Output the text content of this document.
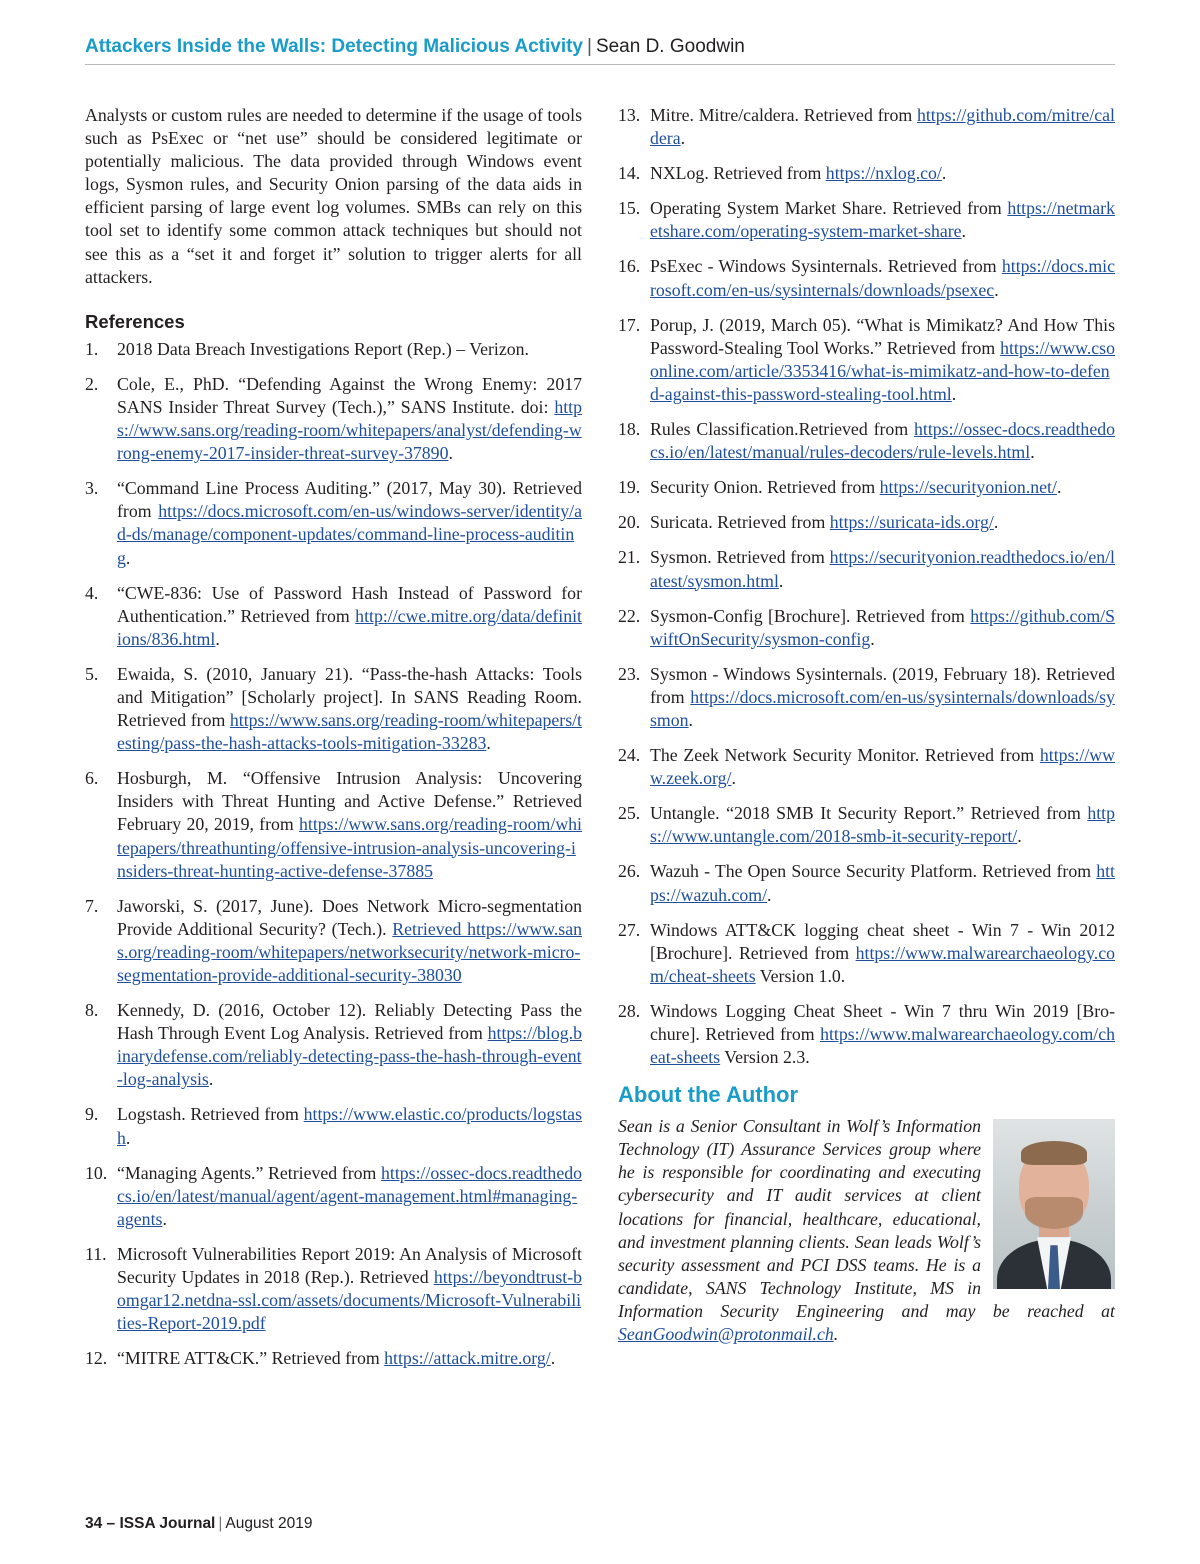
Attackers Inside the Walls: Detecting Malicious Activity | Sean D. Goodwin

Analysts or custom rules are needed to determine if the usage of tools such as PsExec or “net use” should be considered legitimate or potentially malicious. The data provided through Windows event logs, Sysmon rules, and Security Onion parsing of the data aids in efficient parsing of large event log volumes. SMBs can rely on this tool set to identify some common attack techniques but should not see this as a “set it and forget it” solution to trigger alerts for all attackers.

References
1. 2018 Data Breach Investigations Report (Rep.) – Verizon.
2. Cole, E., PhD. “Defending Against the Wrong Enemy: 2017 SANS Insider Threat Survey (Tech.),” SANS Institute. doi: https://www.sans.org/reading-room/whitepapers/analyst/defending-wrong-enemy-2017-insider-threat-survey-37890.
3. “Command Line Process Auditing.” (2017, May 30). Retrieved from https://docs.microsoft.com/en-us/windows-server/identity/ad-ds/manage/component-updates/command-line-process-auditing.
4. “CWE-836: Use of Password Hash Instead of Password for Authentication.” Retrieved from http://cwe.mitre.org/data/definitions/836.html.
5. Ewaida, S. (2010, January 21). “Pass-the-hash Attacks: Tools and Mitigation” [Scholarly project]. In SANS Reading Room. Retrieved from https://www.sans.org/reading-room/whitepapers/testing/pass-the-hash-attacks-tools-mitigation-33283.
6. Hosburgh, M. “Offensive Intrusion Analysis: Uncovering Insiders with Threat Hunting and Active Defense.” Retrieved February 20, 2019, from https://www.sans.org/reading-room/whitepapers/threathunting/offensive-intrusion-analysis-uncovering-insiders-threat-hunting-active-defense-37885
7. Jaworski, S. (2017, June). Does Network Micro-segmentation Provide Additional Security? (Tech.). Retrieved https://www.sans.org/reading-room/whitepapers/networksecurity/network-micro-segmentation-provide-additional-security-38030
8. Kennedy, D. (2016, October 12). Reliably Detecting Pass the Hash Through Event Log Analysis. Retrieved from https://blog.binarydefense.com/reliably-detecting-pass-the-hash-through-event-log-analysis.
9. Logstash. Retrieved from https://www.elastic.co/products/logstash.
10. “Managing Agents.” Retrieved from https://ossec-docs.readthedocs.io/en/latest/manual/agent/agent-management.html#managing-agents.
11. Microsoft Vulnerabilities Report 2019: An Analysis of Microsoft Security Updates in 2018 (Rep.). Retrieved https://beyondtrust-bomgar12.netdna-ssl.com/assets/documents/Microsoft-Vulnerabilities-Report-2019.pdf
12. “MITRE ATT&CK.” Retrieved from https://attack.mitre.org/.
13. Mitre. Mitre/caldera. Retrieved from https://github.com/mitre/caldera.
14. NXLog. Retrieved from https://nxlog.co/.
15. Operating System Market Share. Retrieved from https://netmarketshare.com/operating-system-market-share.
16. PsExec - Windows Sysinternals. Retrieved from https://docs.microsoft.com/en-us/sysinternals/downloads/psexec.
17. Porup, J. (2019, March 05). “What is Mimikatz? And How This Password-Stealing Tool Works.” Retrieved from https://www.csoonline.com/article/3353416/what-is-mimikatz-and-how-to-defend-against-this-password-stealing-tool.html.
18. Rules Classification.Retrieved from https://ossec-docs.readthedocs.io/en/latest/manual/rules-decoders/rule-levels.html.
19. Security Onion. Retrieved from https://securityonion.net/.
20. Suricata. Retrieved from https://suricata-ids.org/.
21. Sysmon. Retrieved from https://securityonion.readthedocs.io/en/latest/sysmon.html.
22. Sysmon-Config [Brochure]. Retrieved from https://github.com/SwiftOnSecurity/sysmon-config.
23. Sysmon - Windows Sysinternals. (2019, February 18). Retrieved from https://docs.microsoft.com/en-us/sysinternals/downloads/sysmon.
24. The Zeek Network Security Monitor. Retrieved from https://www.zeek.org/.
25. Untangle. “2018 SMB It Security Report.” Retrieved from https://www.untangle.com/2018-smb-it-security-report/.
26. Wazuh - The Open Source Security Platform. Retrieved from https://wazuh.com/.
27. Windows ATT&CK logging cheat sheet - Win 7 - Win 2012 [Brochure]. Retrieved from https://www.malwarearchaeology.com/cheat-sheets Version 1.0.
28. Windows Logging Cheat Sheet - Win 7 thru Win 2019 [Brochure]. Retrieved from https://www.malwarearchaeology.com/cheat-sheets Version 2.3.
About the Author

Sean is a Senior Consultant in Wolf’s Information Technology (IT) Assurance Services group where he is responsible for coordinating and executing cybersecurity and IT audit services at client locations for financial, healthcare, educational, and investment planning clients. Sean leads Wolf’s security assessment and PCI DSS teams. He is a candidate, SANS Technology Institute, MS in Information Security Engineering and may be reached at SeanGoodwin@protonmail.ch.

34 – ISSA Journal | August 2019
